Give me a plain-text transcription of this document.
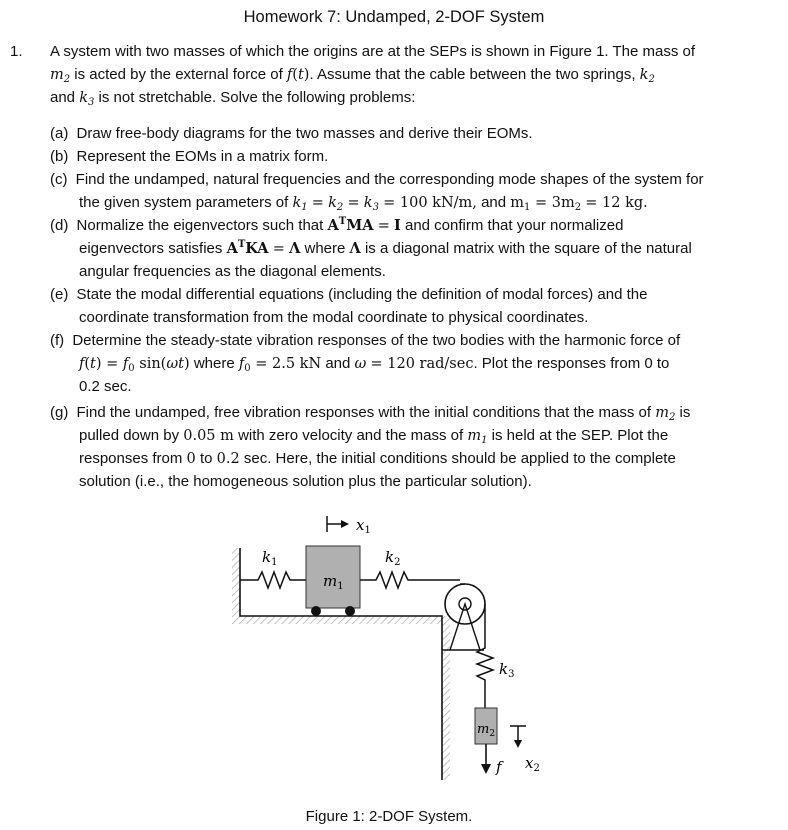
Homework 7: Undamped, 2-DOF System
1. A system with two masses of which the origins are at the SEPs is shown in Figure 1. The mass of
$m_2$ is acted by the external force of f(t). Assume that the cable between the two springs, $k_2$
and $k_3$ is not stretchable. Solve the following problems:
(a) Draw free-body diagrams for the two masses and derive their EOMs.
(b) Represent the EOMs in a matrix form.
(c) Find the undamped, natural frequencies and the corresponding mode shapes of the system for
the given system parameters of $k_1 = k_2 = k_3 = 100$ kN/m, and $m_1 = 3m_2 = 12$ kg.
(d) Normalize the eigenvectors such that $A^TMA = I$ and confirm that your normalized
eigenvectors satisfies $A^TKA = \Lambda$ where Λ is a diagonal matrix with the square of the natural
angular frequencies as the diagonal elements.
(e) State the modal differential equations (including the definition of modal forces) and the
coordinate transformation from the modal coordinate to physical coordinates.
(f) Determine the steady-state vibration responses of the two bodies with the harmonic force of
$f(t) = f_0$ sin(ωt) where $f_0 = 2.5$ kN and ω = 120 rad/sec. Plot the responses from 0 to
0.2 sec.
(g) Find the undamped, free vibration responses with the initial conditions that the mass of $m_2$ is
pulled down by 0.05 m with zero velocity and the mass of $m_1$ is held at the SEP. Plot the
responses from 0 to 0.2 sec. Here, the initial conditions should be applied to the complete
solution (i.e., the homogeneous solution plus the particular solution).
$k_1$	$k_2$
$k_3$
$m_1$
$m_2$
$x_1$
$x_2$
f
Figure 1: 2-DOF System.
